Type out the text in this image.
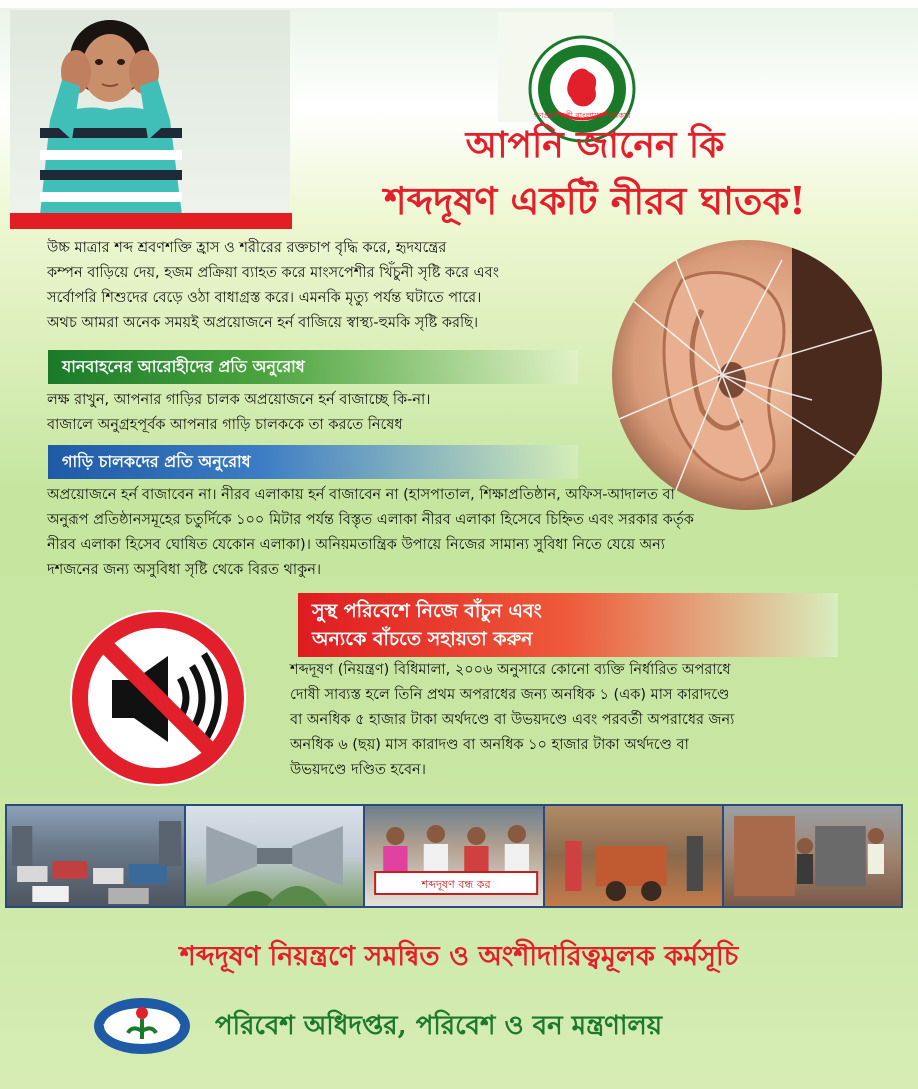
গণপ্রজাতন্ত্রী বাংলাদেশ সরকার
আপনি জানেন কি
শব্দদূষণ একটি নীরব ঘাতক!
উচ্চ মাত্রার শব্দ শ্রবণশক্তি হ্রাস ও শরীরের রক্তচাপ বৃদ্ধি করে, হৃদযন্ত্রের
কম্পন বাড়িয়ে দেয়, হজম প্রক্রিয়া ব্যাহত করে মাংসপেশীর খিঁচুনী সৃষ্টি করে এবং
সর্বোপরি শিশুদের বেড়ে ওঠা বাধাগ্রস্ত করে। এমনকি মৃত্যু পর্যন্ত ঘটাতে পারে।
অথচ আমরা অনেক সময়ই অপ্রয়োজনে হর্ন বাজিয়ে স্বাস্থ্য-হুমকি সৃষ্টি করছি।
যানবাহনের আরোহীদের প্রতি অনুরোধ
লক্ষ রাখুন, আপনার গাড়ির চালক অপ্রয়োজনে হর্ন বাজাচ্ছে কি-না।
বাজালে অনুগ্রহপূর্বক আপনার গাড়ি চালককে তা করতে নিষেধ
গাড়ি চালকদের প্রতি অনুরোধ
অপ্রয়োজনে হর্ন বাজাবেন না। নীরব এলাকায় হর্ন বাজাবেন না (হাসপাতাল, শিক্ষাপ্রতিষ্ঠান, অফিস-আদালত বা
অনুরূপ প্রতিষ্ঠানসমূহের চতুর্দিকে ১০০ মিটার পর্যন্ত বিস্তৃত এলাকা নীরব এলাকা হিসেবে চিহ্নিত এবং সরকার কর্তৃক
নীরব এলাকা হিসেব ঘোষিত যেকোন এলাকা)। অনিয়মতান্ত্রিক উপায়ে নিজের সামান্য সুবিধা নিতে যেয়ে অন্য
দশজনের জন্য অসুবিধা সৃষ্টি থেকে বিরত থাকুন।
সুস্থ পরিবেশে নিজে বাঁচুন এবং
অন্যকে বাঁচতে সহায়তা করুন
শব্দদূষণ (নিয়ন্ত্রণ) বিধিমালা, ২০০৬ অনুসারে কোনো ব্যক্তি নির্ধারিত অপরাধে
দোষী সাব্যস্ত হলে তিনি প্রথম অপরাধের জন্য অনধিক ১ (এক) মাস কারাদণ্ডে
বা অনধিক ৫ হাজার টাকা অর্থদণ্ডে বা উভয়দণ্ডে এবং পরবর্তী অপরাধের জন্য
অনধিক ৬ (ছয়) মাস কারাদণ্ড বা অনধিক ১০ হাজার টাকা অর্থদণ্ডে বা
উভয়দণ্ডে দণ্ডিত হবেন।
শব্দদূষণ বন্ধ কর
শব্দদূষণ নিয়ন্ত্রণে সমন্বিত ও অংশীদারিত্বমূলক কর্মসূচি
পরিবেশ অধিদপ্তর, পরিবেশ ও বন মন্ত্রণালয়
